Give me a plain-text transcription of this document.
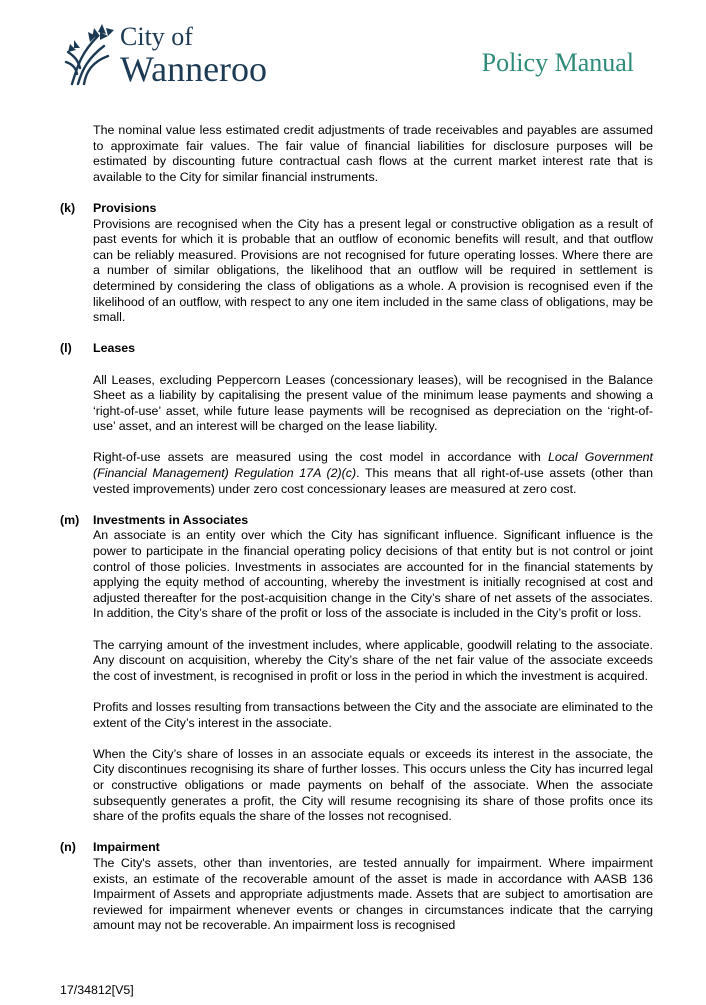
City of
Wanneroo	Policy Manual

The nominal value less estimated credit adjustments of trade receivables and payables are assumed to approximate fair values. The fair value of financial liabilities for disclosure purposes will be estimated by discounting future contractual cash flows at the current market interest rate that is available to the City for similar financial instruments.

(k) Provisions

Provisions are recognised when the City has a present legal or constructive obligation as a result of past events for which it is probable that an outflow of economic benefits will result, and that outflow can be reliably measured. Provisions are not recognised for future operating losses. Where there are a number of similar obligations, the likelihood that an outflow will be required in settlement is determined by considering the class of obligations as a whole. A provision is recognised even if the likelihood of an outflow, with respect to any one item included in the same class of obligations, may be small.

(l) Leases

All Leases, excluding Peppercorn Leases (concessionary leases), will be recognised in the Balance Sheet as a liability by capitalising the present value of the minimum lease payments and showing a ‘right-of-use’ asset, while future lease payments will be recognised as depreciation on the ‘right-of-use’ asset, and an interest will be charged on the lease liability.

Right-of-use assets are measured using the cost model in accordance with Local Government (Financial Management) Regulation 17A (2)(c). This means that all right-of-use assets (other than vested improvements) under zero cost concessionary leases are measured at zero cost.

(m) Investments in Associates

An associate is an entity over which the City has significant influence. Significant influence is the power to participate in the financial operating policy decisions of that entity but is not control or joint control of those policies. Investments in associates are accounted for in the financial statements by applying the equity method of accounting, whereby the investment is initially recognised at cost and adjusted thereafter for the post-acquisition change in the City’s share of net assets of the associates. In addition, the City’s share of the profit or loss of the associate is included in the City’s profit or loss.

The carrying amount of the investment includes, where applicable, goodwill relating to the associate. Any discount on acquisition, whereby the City’s share of the net fair value of the associate exceeds the cost of investment, is recognised in profit or loss in the period in which the investment is acquired.

Profits and losses resulting from transactions between the City and the associate are eliminated to the extent of the City’s interest in the associate.

When the City’s share of losses in an associate equals or exceeds its interest in the associate, the City discontinues recognising its share of further losses. This occurs unless the City has incurred legal or constructive obligations or made payments on behalf of the associate. When the associate subsequently generates a profit, the City will resume recognising its share of those profits once its share of the profits equals the share of the losses not recognised.

(n) Impairment

The City's assets, other than inventories, are tested annually for impairment. Where impairment exists, an estimate of the recoverable amount of the asset is made in accordance with AASB 136 Impairment of Assets and appropriate adjustments made. Assets that are subject to amortisation are reviewed for impairment whenever events or changes in circumstances indicate that the carrying amount may not be recoverable. An impairment loss is recognised

17/34812[V5]
